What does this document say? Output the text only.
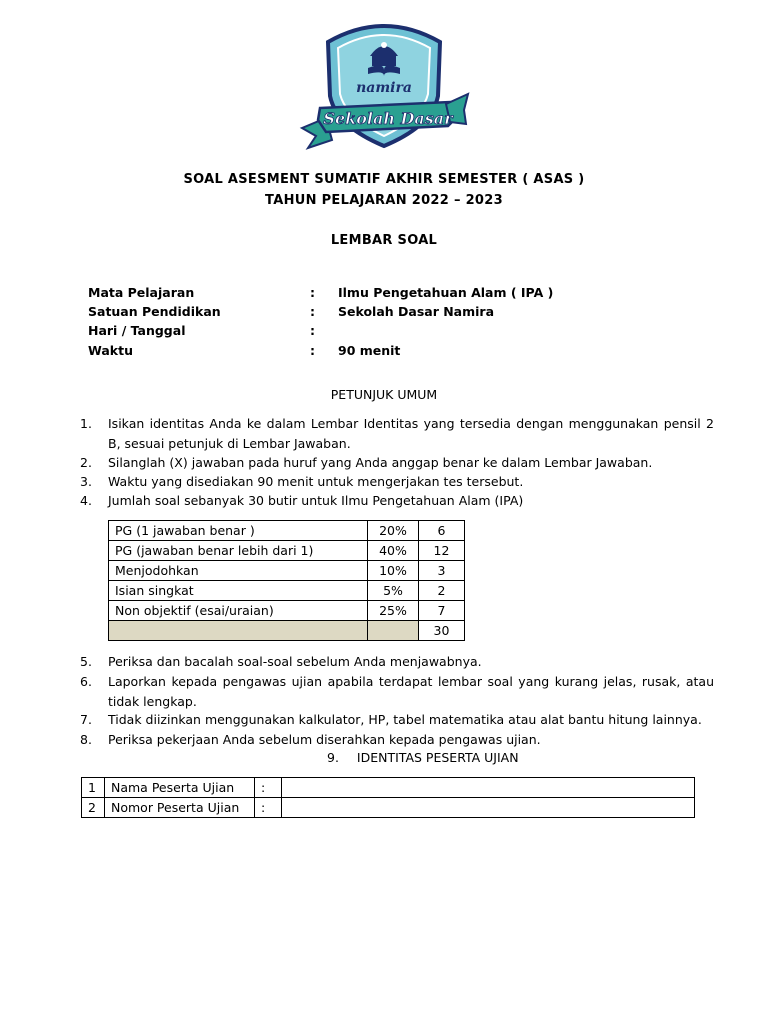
namira
Sekolah Dasar
SOAL ASESMENT SUMATIF AKHIR SEMESTER ( ASAS )
TAHUN PELAJARAN 2022 – 2023
LEMBAR SOAL
Mata Pelajaran	: Ilmu Pengetahuan Alam ( IPA )
Satuan Pendidikan	: Sekolah Dasar Namira
Hari / Tanggal	:
Waktu	: 90 menit
PETUNJUK UMUM
1. Isikan identitas Anda ke dalam Lembar Identitas yang tersedia dengan menggunakan pensil 2 B, sesuai petunjuk di Lembar Jawaban.
2. Silanglah (X) jawaban pada huruf yang Anda anggap benar ke dalam Lembar Jawaban.
3. Waktu yang disediakan 90 menit untuk mengerjakan tes tersebut.
4. Jumlah soal sebanyak 30 butir untuk Ilmu Pengetahuan Alam (IPA)
PG (1 jawaban benar )	20%	6
PG (jawaban benar lebih dari 1)	40%	12
Menjodohkan	10%	3
Isian singkat	5%	2
Non objektif (esai/uraian)	25%	7
		30
5. Periksa dan bacalah soal-soal sebelum Anda menjawabnya.
6. Laporkan kepada pengawas ujian apabila terdapat lembar soal yang kurang jelas, rusak, atau tidak lengkap.
7. Tidak diizinkan menggunakan kalkulator, HP, tabel matematika atau alat bantu hitung lainnya.
8. Periksa pekerjaan Anda sebelum diserahkan kepada pengawas ujian.
9. IDENTITAS PESERTA UJIAN
1	Nama Peserta Ujian	:	
2	Nomor Peserta Ujian	:	
